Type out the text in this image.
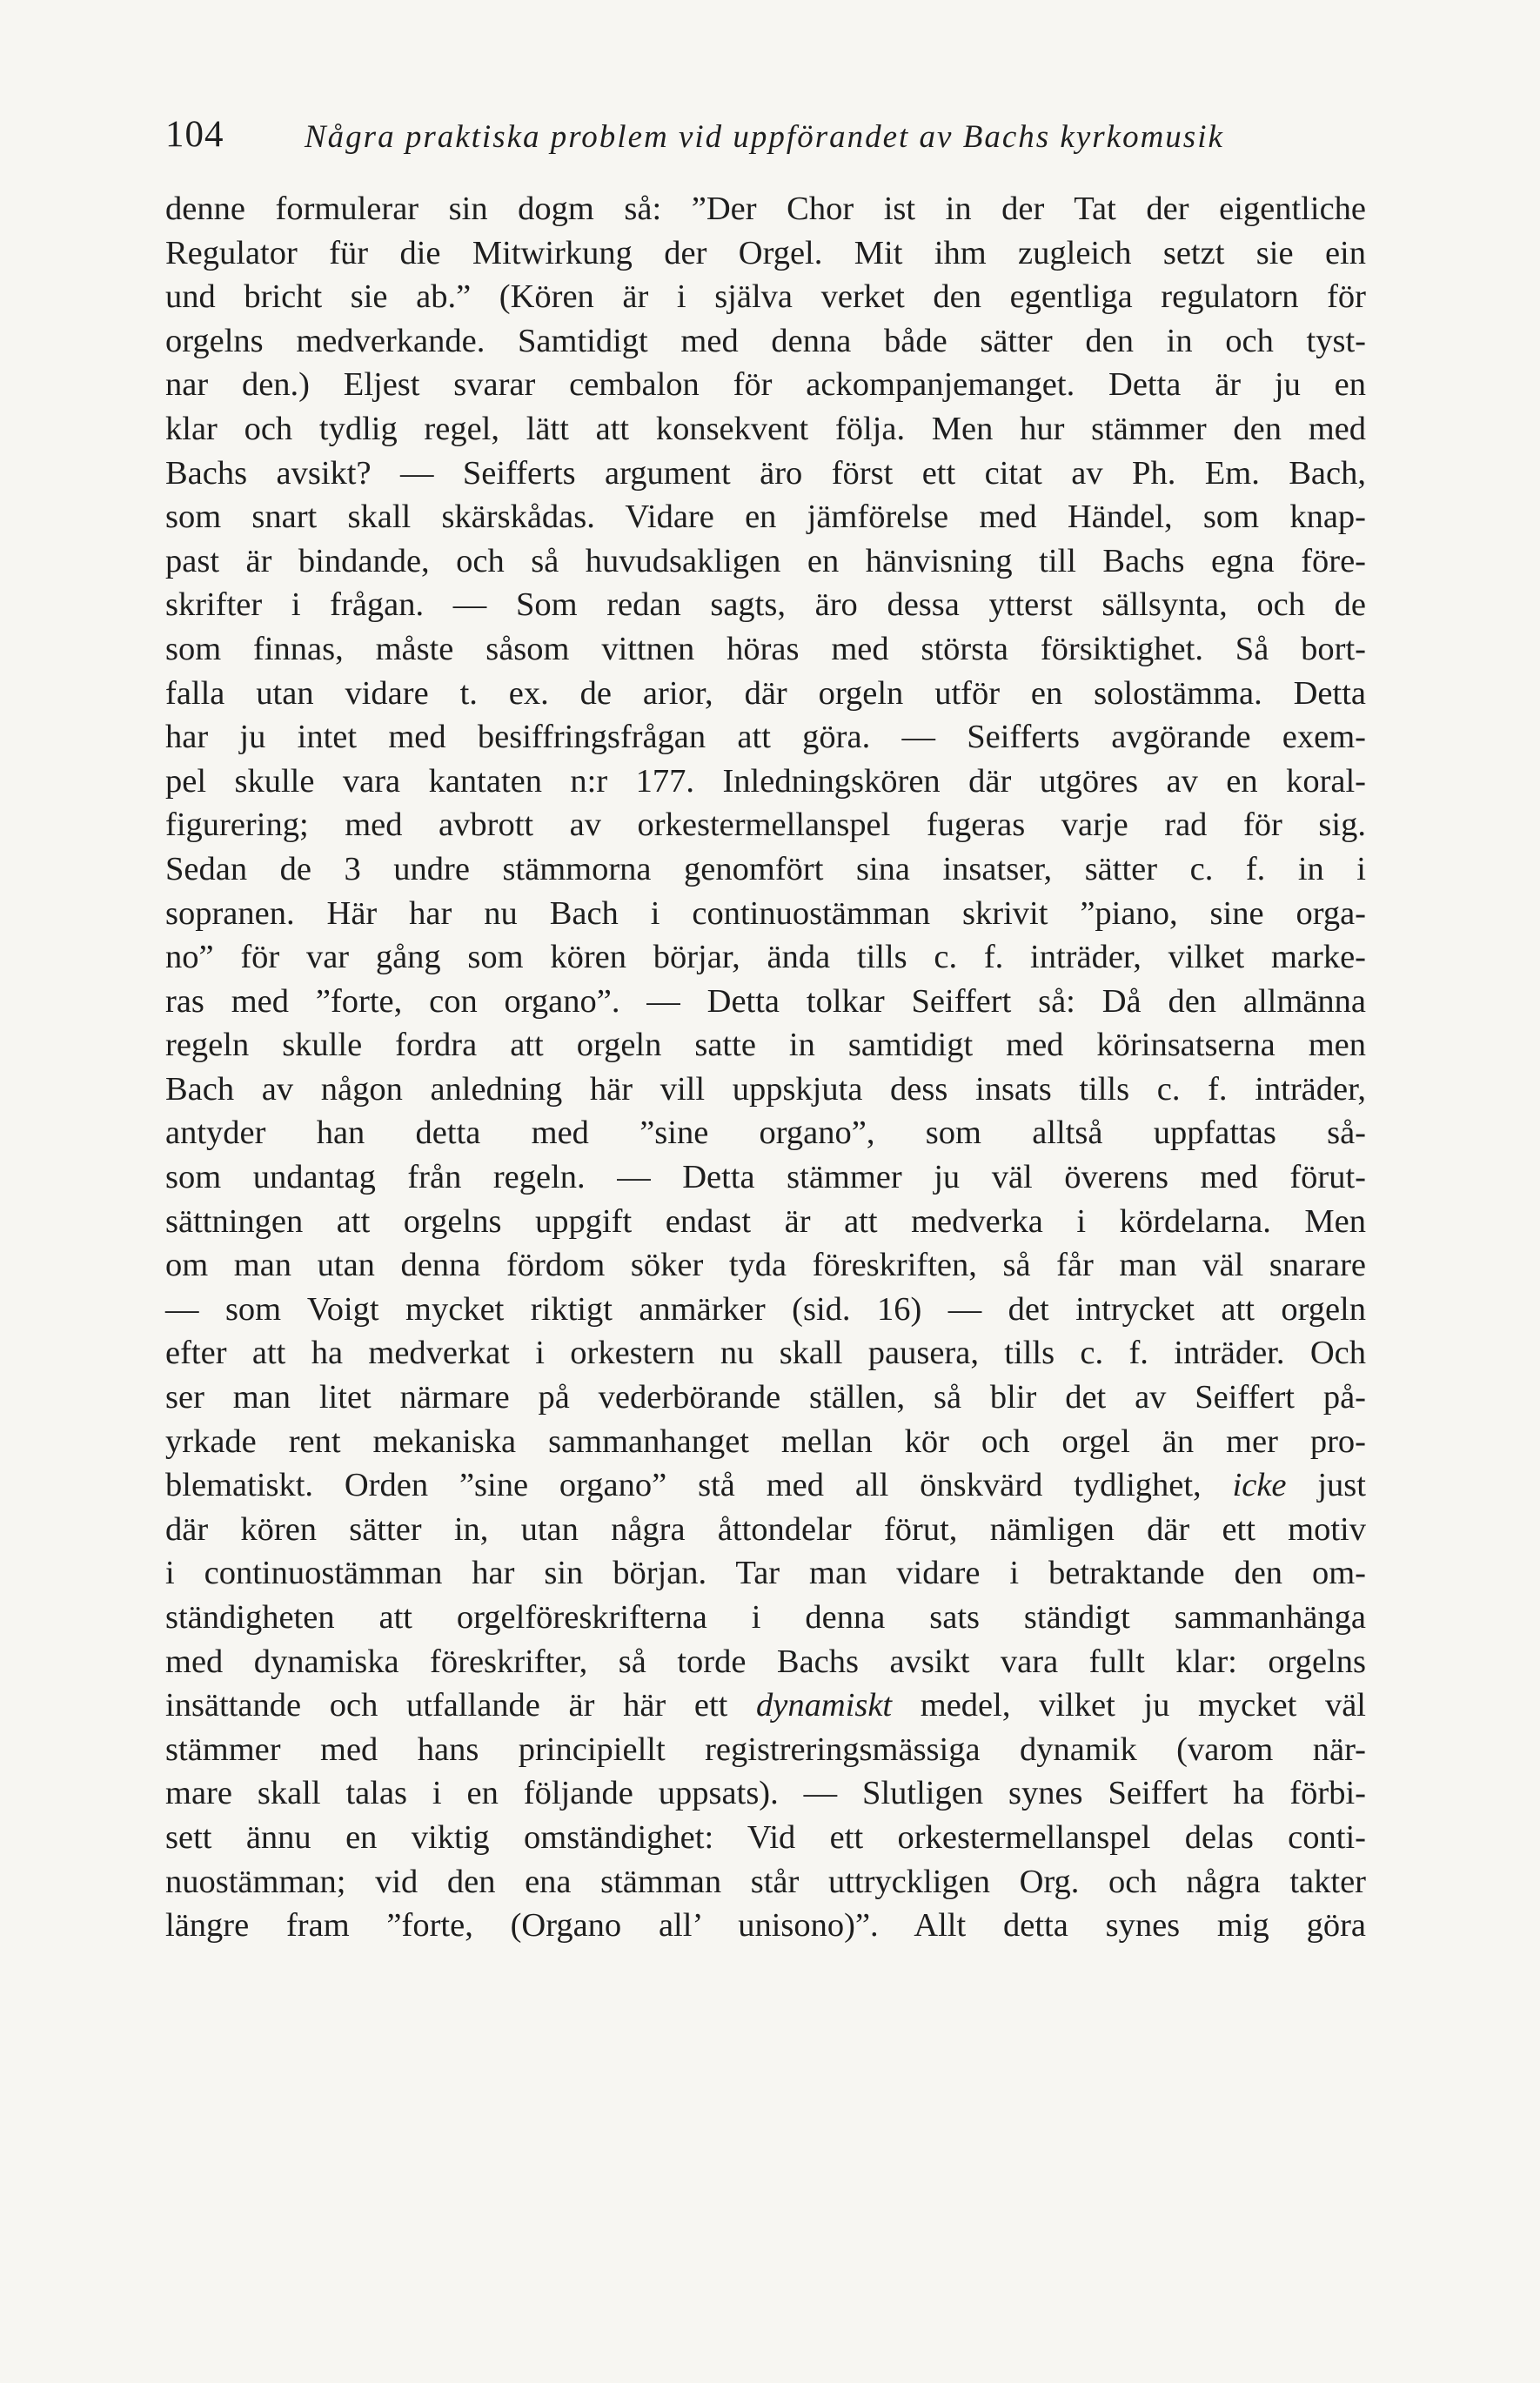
104	Några praktiska problem vid uppförandet av Bachs kyrkomusik
denne formulerar sin dogm så: ”Der Chor ist in der Tat der eigentliche
Regulator für die Mitwirkung der Orgel. Mit ihm zugleich setzt sie ein
und bricht sie ab.” (Kören är i själva verket den egentliga regulatorn för
orgelns medverkande. Samtidigt med denna både sätter den in och tyst-
nar den.) Eljest svarar cembalon för ackompanjemanget. Detta är ju en
klar och tydlig regel, lätt att konsekvent följa. Men hur stämmer den med
Bachs avsikt? — Seifferts argument äro först ett citat av Ph. Em. Bach,
som snart skall skärskådas. Vidare en jämförelse med Händel, som knap-
past är bindande, och så huvudsakligen en hänvisning till Bachs egna före-
skrifter i frågan. — Som redan sagts, äro dessa ytterst sällsynta, och de
som finnas, måste såsom vittnen höras med största försiktighet. Så bort-
falla utan vidare t. ex. de arior, där orgeln utför en solostämma. Detta
har ju intet med besiffringsfrågan att göra. — Seifferts avgörande exem-
pel skulle vara kantaten n:r 177. Inledningskören där utgöres av en koral-
figurering; med avbrott av orkestermellanspel fugeras varje rad för sig.
Sedan de 3 undre stämmorna genomfört sina insatser, sätter c. f. in i
sopranen. Här har nu Bach i continuostämman skrivit ”piano, sine orga-
no” för var gång som kören börjar, ända tills c. f. inträder, vilket marke-
ras med ”forte, con organo”. — Detta tolkar Seiffert så: Då den allmänna
regeln skulle fordra att orgeln satte in samtidigt med körinsatserna men
Bach av någon anledning här vill uppskjuta dess insats tills c. f. inträder,
antyder han detta med ”sine organo”, som alltså uppfattas så-
som undantag från regeln. — Detta stämmer ju väl överens med förut-
sättningen att orgelns uppgift endast är att medverka i kördelarna. Men
om man utan denna fördom söker tyda föreskriften, så får man väl snarare
— som Voigt mycket riktigt anmärker (sid. 16) — det intrycket att orgeln
efter att ha medverkat i orkestern nu skall pausera, tills c. f. inträder. Och
ser man litet närmare på vederbörande ställen, så blir det av Seiffert på-
yrkade rent mekaniska sammanhanget mellan kör och orgel än mer pro-
blematiskt. Orden ”sine organo” stå med all önskvärd tydlighet, icke just
där kören sätter in, utan några åttondelar förut, nämligen där ett motiv
i continuostämman har sin början. Tar man vidare i betraktande den om-
ständigheten att orgelföreskrifterna i denna sats ständigt sammanhänga
med dynamiska föreskrifter, så torde Bachs avsikt vara fullt klar: orgelns
insättande och utfallande är här ett dynamiskt medel, vilket ju mycket väl
stämmer med hans principiellt registreringsmässiga dynamik (varom när-
mare skall talas i en följande uppsats). — Slutligen synes Seiffert ha förbi-
sett ännu en viktig omständighet: Vid ett orkestermellanspel delas conti-
nuostämman; vid den ena stämman står uttryckligen Org. och några takter
längre fram ”forte, (Organo all’ unisono)”. Allt detta synes mig göra
